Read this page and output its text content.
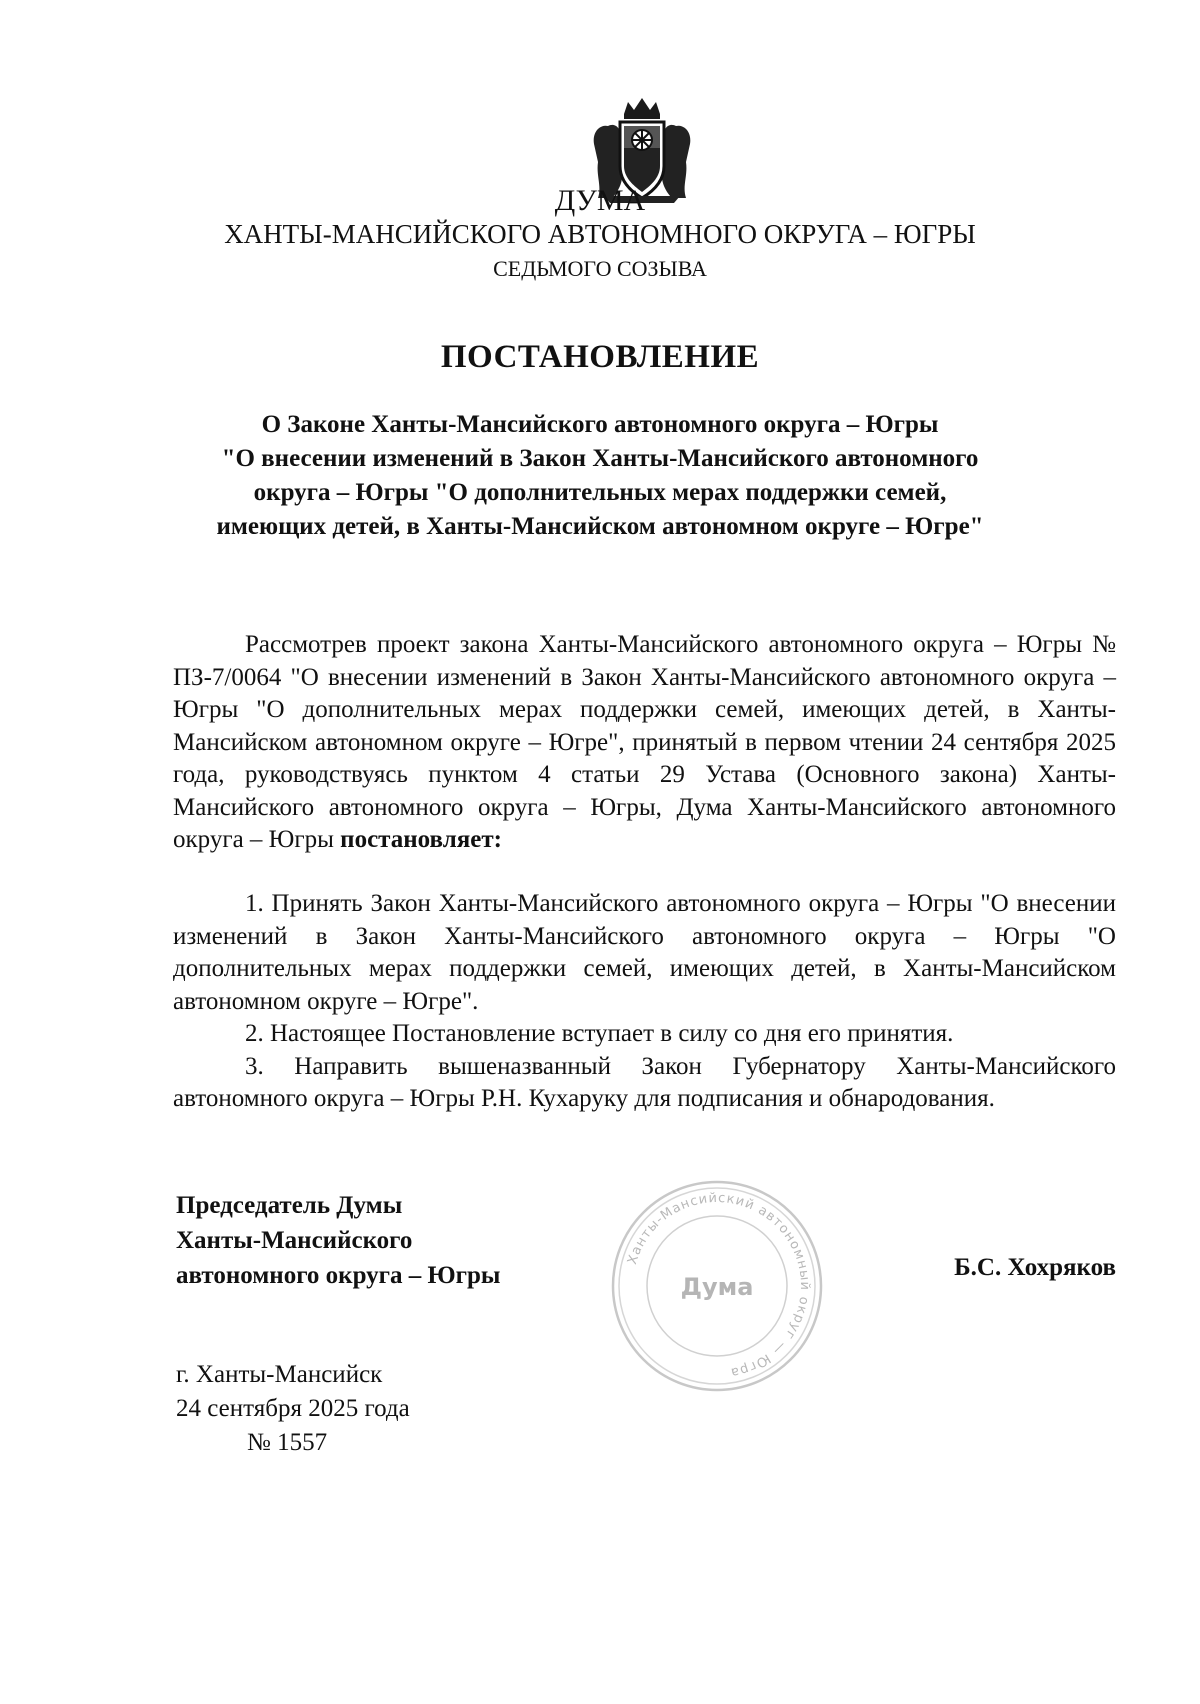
ДУМА
ХАНТЫ-МАНСИЙСКОГО АВТОНОМНОГО ОКРУГА – ЮГРЫ
СЕДЬМОГО СОЗЫВА
ПОСТАНОВЛЕНИЕ
О Законе Ханты-Мансийского автономного округа – Югры
"О внесении изменений в Закон Ханты-Мансийского автономного
округа – Югры "О дополнительных мерах поддержки семей,
имеющих детей, в Ханты-Мансийском автономном округе – Югре"

Рассмотрев проект закона Ханты-Мансийского автономного округа – Югры № ПЗ-7/0064 "О внесении изменений в Закон Ханты-Мансийского автономного округа – Югры "О дополнительных мерах поддержки семей, имеющих детей, в Ханты-Мансийском автономном округе – Югре", принятый в первом чтении 24 сентября 2025 года, руководствуясь пунктом 4 статьи 29 Устава (Основного закона) Ханты-Мансийского автономного округа – Югры, Дума Ханты-Мансийского автономного округа – Югры постановляет:

1. Принять Закон Ханты-Мансийского автономного округа – Югры "О внесении изменений в Закон Ханты-Мансийского автономного округа – Югры "О дополнительных мерах поддержки семей, имеющих детей, в Ханты-Мансийском автономном округе – Югре".

2. Настоящее Постановление вступает в силу со дня его принятия.

3. Направить вышеназванный Закон Губернатору Ханты-Мансийского автономного округа – Югры Р.Н. Кухаруку для подписания и обнародования.

Председатель Думы
Ханты-Мансийского
автономного округа – Югры
Ханты-Мансийский автономный округ — Югра
Дума
Б.С. Хохряков
г. Ханты-Мансийск
24 сентября 2025 года
№ 1557
